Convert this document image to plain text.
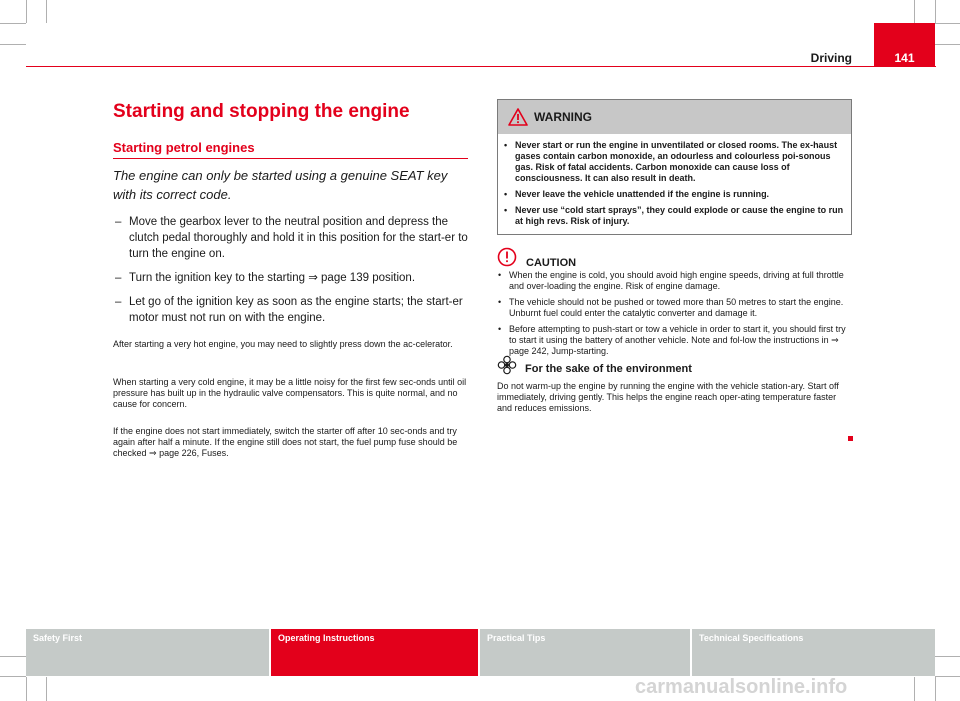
Driving	141
Starting and stopping the engine
Starting petrol engines
The engine can only be started using a genuine SEAT key with its correct code.
– Move the gearbox lever to the neutral position and depress the clutch pedal thoroughly and hold it in this position for the start-er to turn the engine on.
– Turn the ignition key to the starting ⇒ page 139 position.
– Let go of the ignition key as soon as the engine starts; the start-er motor must not run on with the engine.

After starting a very hot engine, you may need to slightly press down the ac-celerator.

When starting a very cold engine, it may be a little noisy for the first few sec-onds until oil pressure has built up in the hydraulic valve compensators. This is quite normal, and no cause for concern.

If the engine does not start immediately, switch the starter off after 10 sec-onds and try again after half a minute. If the engine still does not start, the fuel pump fuse should be checked ⇒ page 226, Fuses.

WARNING

• Never start or run the engine in unventilated or closed rooms. The ex-haust gases contain carbon monoxide, an odourless and colourless poi-sonous gas. Risk of fatal accidents. Carbon monoxide can cause loss of consciousness. It can also result in death.

• Never leave the vehicle unattended if the engine is running.

• Never use “cold start sprays”, they could explode or cause the engine to run at high revs. Risk of injury.

CAUTION

• When the engine is cold, you should avoid high engine speeds, driving at full throttle and over-loading the engine. Risk of engine damage.

• The vehicle should not be pushed or towed more than 50 metres to start the engine. Unburnt fuel could enter the catalytic converter and damage it.

• Before attempting to push-start or tow a vehicle in order to start it, you should first try to start it using the battery of another vehicle. Note and fol-low the instructions in ⇒ page 242, Jump-starting.

For the sake of the environment

Do not warm-up the engine by running the engine with the vehicle station-ary. Start off immediately, driving gently. This helps the engine reach oper-ating temperature faster and reduces emissions.

Safety First	Operating Instructions	Practical Tips	Technical Specifications
carmanualsonline.info
